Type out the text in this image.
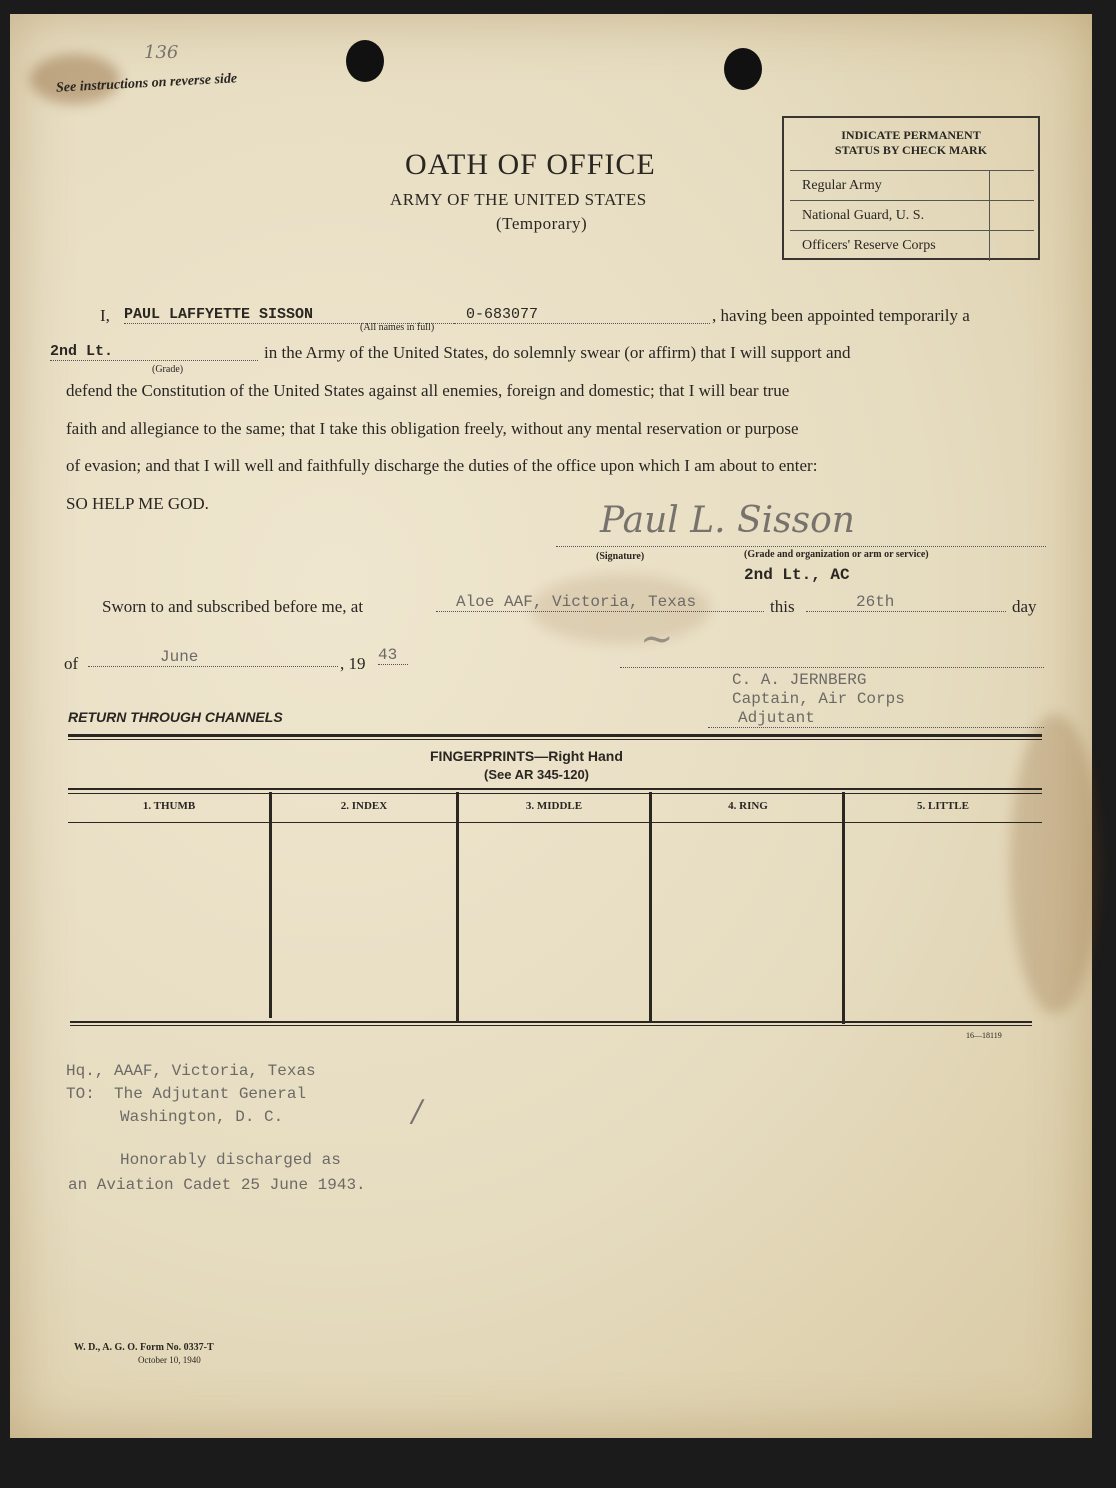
136
See instructions on reverse side
OATH OF OFFICE
ARMY OF THE UNITED STATES
(Temporary)
INDICATE PERMANENT
STATUS BY CHECK MARK
Regular Army
National Guard, U. S.
Officers' Reserve Corps
I, PAUL LAFFYETTE SISSON	0-683077
(All names in full)
, having been appointed temporarily a
2nd Lt.
(Grade)
in the Army of the United States, do solemnly swear (or affirm) that I will support and
defend the Constitution of the United States against all enemies, foreign and domestic; that I will bear true
faith and allegiance to the same; that I take this obligation freely, without any mental reservation or purpose
of evasion; and that I will well and faithfully discharge the duties of the office upon which I am about to enter:
SO HELP ME GOD.	Paul L. Sisson
(Signature)	(Grade and organization or arm or service)
2nd Lt., AC
Sworn to and subscribed before me, at	Aloe AAF, Victoria, Texas	this	26th	day
of	June	, 19 43	~
C. A. JERNBERG
Captain, Air Corps
Adjutant
RETURN THROUGH CHANNELS
FINGERPRINTS—Right Hand
(See AR 345-120)
1. THUMB	2. INDEX	3. MIDDLE	4. RING	5. LITTLE
16—18119
Hq., AAAF, Victoria, Texas
TO:  The Adjutant General
Washington, D. C.
Honorably discharged as
an Aviation Cadet 25 June 1943.
/
W. D., A. G. O. Form No. 0337-T
October 10, 1940
